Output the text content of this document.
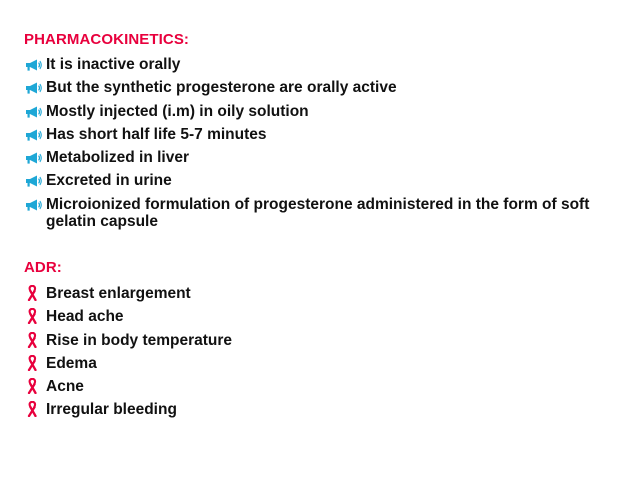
PHARMACOKINETICS:
It is inactive orally
But the synthetic progesterone are orally active
Mostly injected (i.m) in oily solution
Has short half life 5-7 minutes
Metabolized in liver
Excreted in urine
Microionized formulation of progesterone administered in the form of soft gelatin capsule
ADR:
Breast enlargement
Head ache
Rise in body temperature
Edema
Acne
Irregular bleeding
